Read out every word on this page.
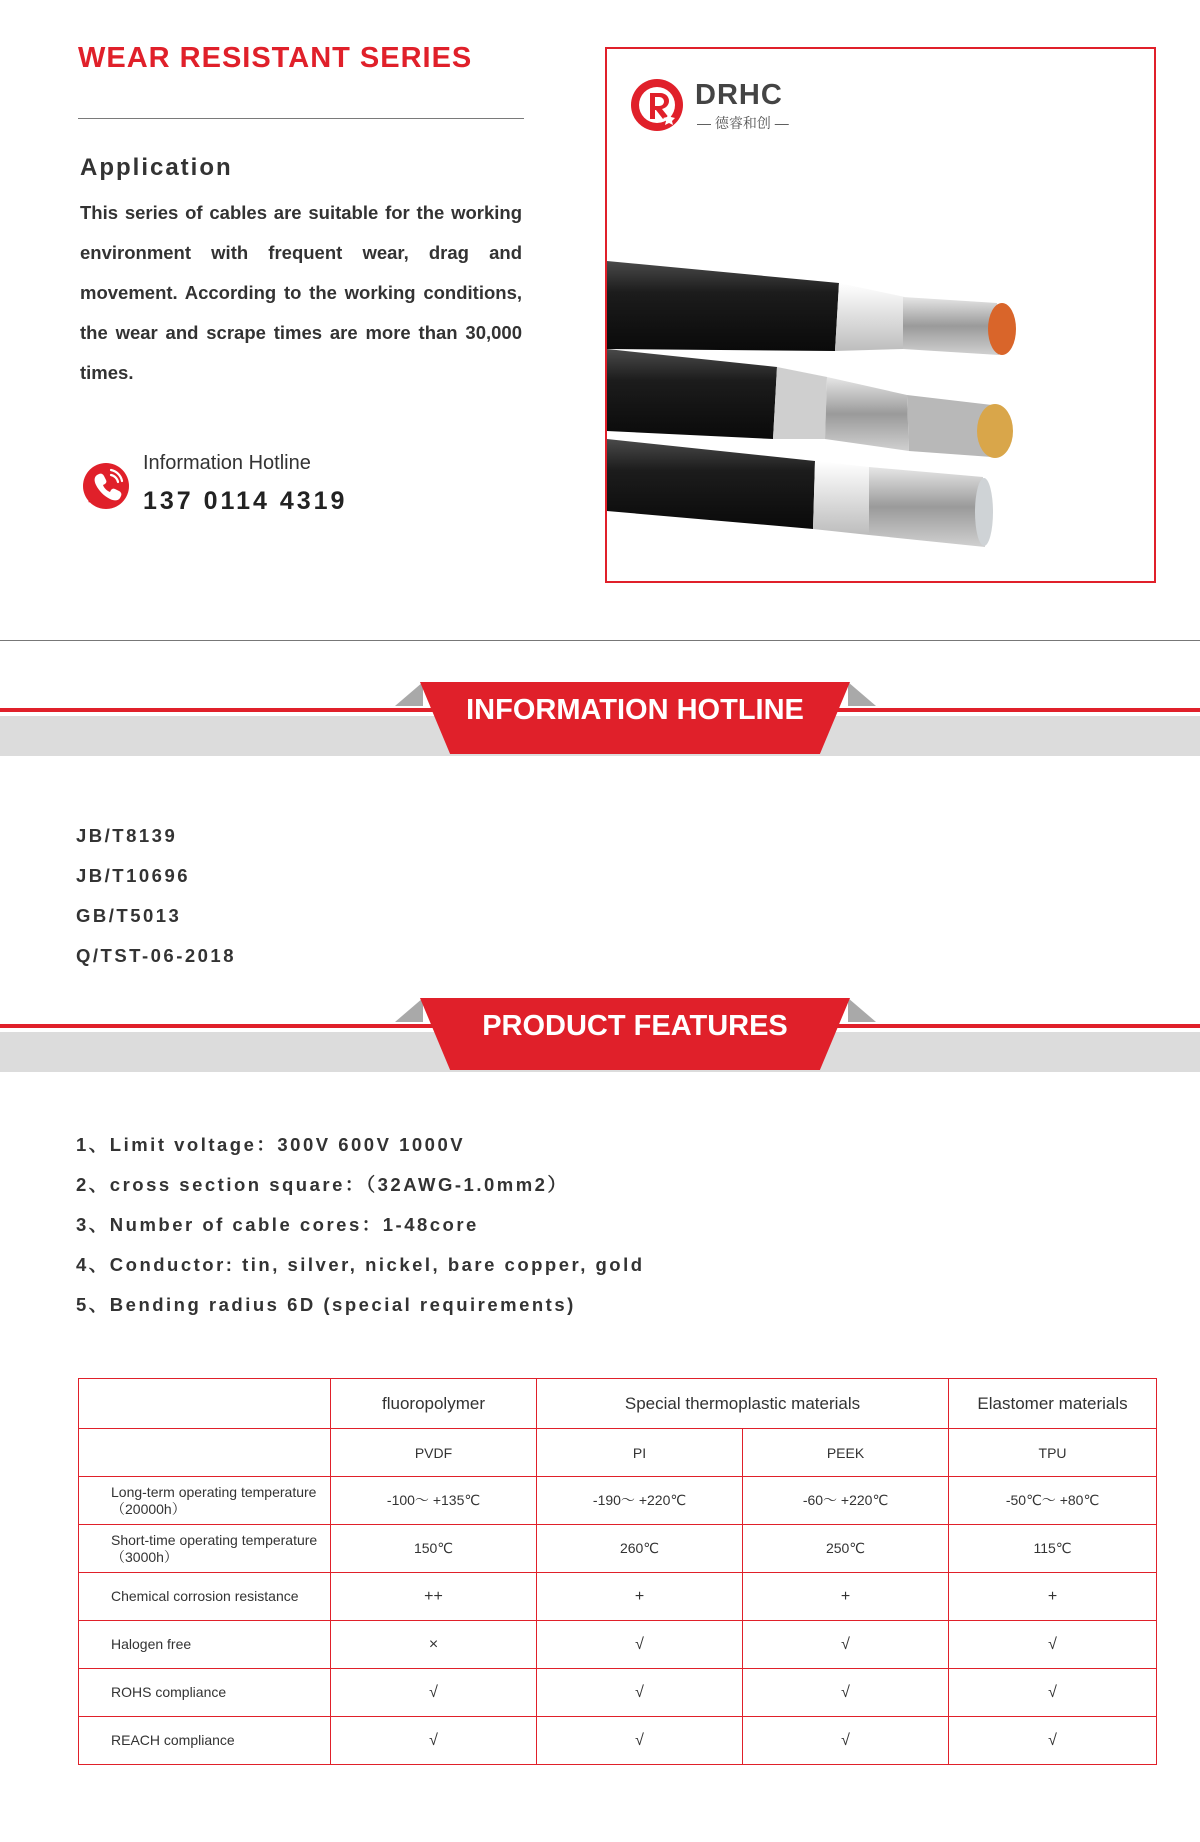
WEAR RESISTANT SERIES
Application
This series of cables are suitable for the working environment with frequent wear, drag and movement. According to the working conditions, the wear and scrape times are more than 30,000 times.
Information Hotline
137 0114 4319
DRHC
— 德睿和创 —
INFORMATION HOTLINE
JB/T8139
JB/T10696
GB/T5013
Q/TST-06-2018
PRODUCT FEATURES
1、Limit voltage：300V 600V 1000V
2、cross section square：（32AWG-1.0mm2）
3、Number of cable cores：1-48core
4、Conductor: tin, silver, nickel, bare copper, gold
5、Bending radius 6D (special requirements)
	fluoropolymer	Special thermoplastic materials		Elastomer materials
	PVDF	PI	PEEK	TPU
Long-term operating temperature（20000h）	-100～ +135℃	-190～ +220℃	-60～ +220℃	-50℃～ +80℃
Short-time operating temperature（3000h）	150℃	260℃	250℃	115℃
Chemical corrosion resistance	++	+	+	+
Halogen free	×	√	√	√
ROHS compliance	√	√	√	√
REACH compliance	√	√	√	√
